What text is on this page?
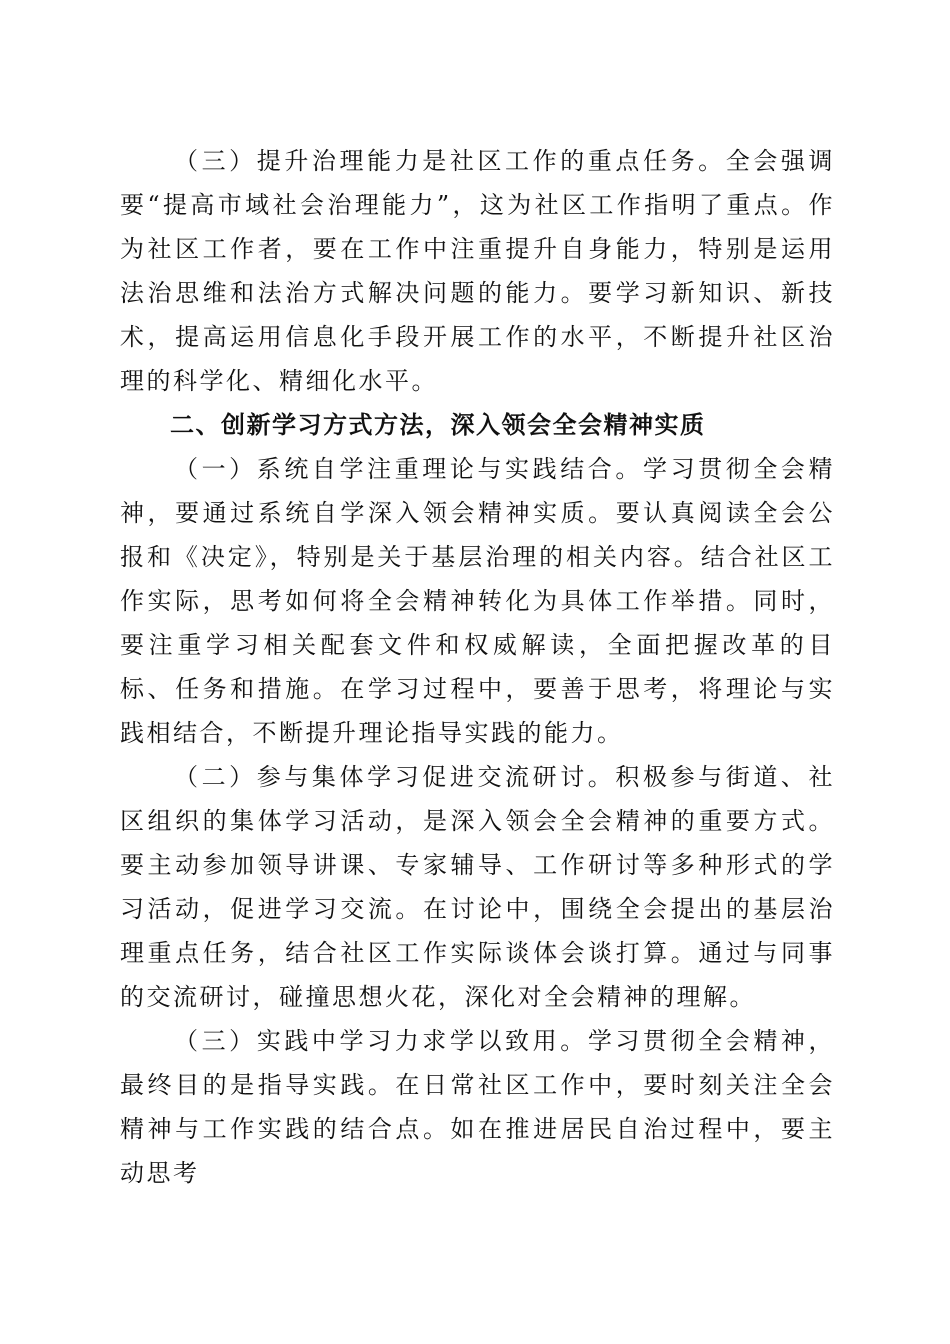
（三）提升治理能力是社区工作的重点任务。全会强调要“提高市域社会治理能力”，这为社区工作指明了重点。作为社区工作者，要在工作中注重提升自身能力，特别是运用法治思维和法治方式解决问题的能力。要学习新知识、新技术，提高运用信息化手段开展工作的水平，不断提升社区治理的科学化、精细化水平。

二、创新学习方式方法，深入领会全会精神实质

（一）系统自学注重理论与实践结合。学习贯彻全会精神，要通过系统自学深入领会精神实质。要认真阅读全会公报和《决定》，特别是关于基层治理的相关内容。结合社区工作实际，思考如何将全会精神转化为具体工作举措。同时，要注重学习相关配套文件和权威解读，全面把握改革的目标、任务和措施。在学习过程中，要善于思考，将理论与实践相结合，不断提升理论指导实践的能力。

（二）参与集体学习促进交流研讨。积极参与街道、社区组织的集体学习活动，是深入领会全会精神的重要方式。要主动参加领导讲课、专家辅导、工作研讨等多种形式的学习活动，促进学习交流。在讨论中，围绕全会提出的基层治理重点任务，结合社区工作实际谈体会谈打算。通过与同事的交流研讨，碰撞思想火花，深化对全会精神的理解。

（三）实践中学习力求学以致用。学习贯彻全会精神，最终目的是指导实践。在日常社区工作中，要时刻关注全会精神与工作实践的结合点。如在推进居民自治过程中，要主动思考
